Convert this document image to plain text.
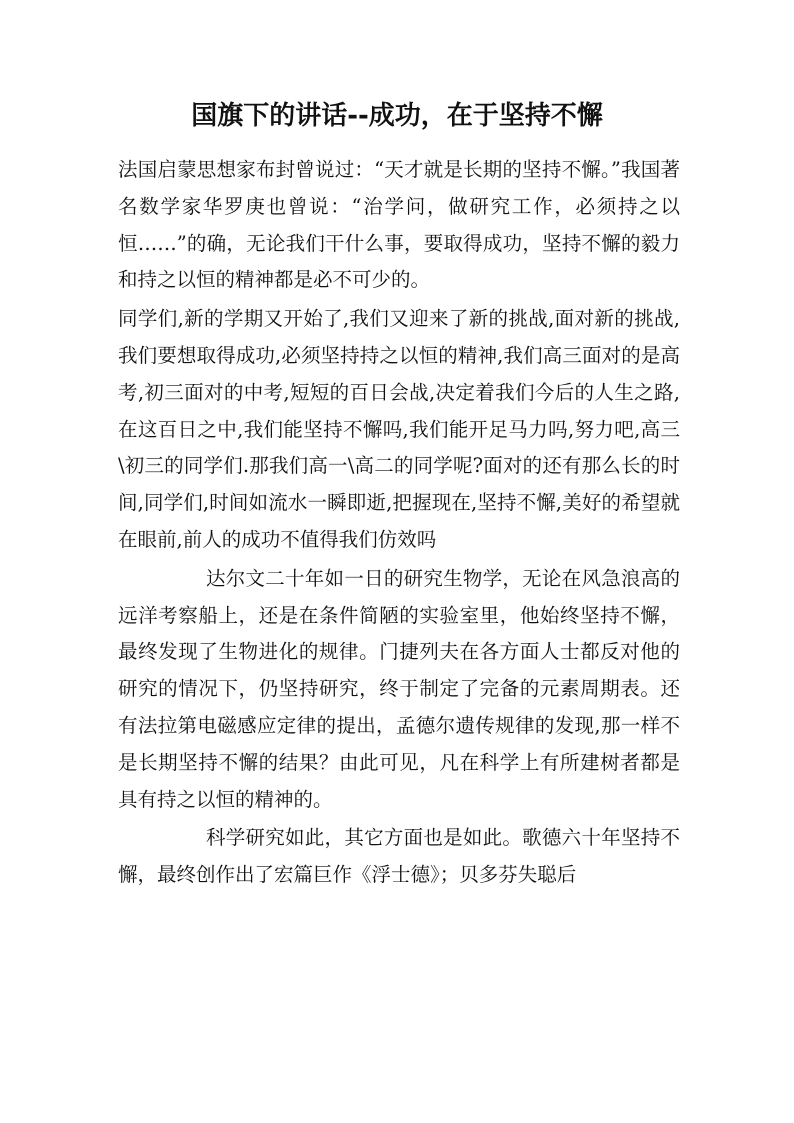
国旗下的讲话--成功，在于坚持不懈

法国启蒙思想家布封曾说过：“天才就是长期的坚持不懈。”我国著名数学家华罗庚也曾说：“治学问，做研究工作，必须持之以恒……”的确，无论我们干什么事，要取得成功，坚持不懈的毅力和持之以恒的精神都是必不可少的。

同学们,新的学期又开始了,我们又迎来了新的挑战,面对新的挑战,我们要想取得成功,必须坚持持之以恒的精神,我们高三面对的是高考,初三面对的中考,短短的百日会战,决定着我们今后的人生之路,在这百日之中,我们能坚持不懈吗,我们能开足马力吗,努力吧,高三\初三的同学们.那我们高一\高二的同学呢?面对的还有那么长的时间,同学们,时间如流水一瞬即逝,把握现在,坚持不懈,美好的希望就在眼前,前人的成功不值得我们仿效吗

达尔文二十年如一日的研究生物学，无论在风急浪高的远洋考察船上，还是在条件简陋的实验室里，他始终坚持不懈，最终发现了生物进化的规律。门捷列夫在各方面人士都反对他的研究的情况下，仍坚持研究，终于制定了完备的元素周期表。还有法拉第电磁感应定律的提出，孟德尔遗传规律的发现,那一样不是长期坚持不懈的结果？由此可见，凡在科学上有所建树者都是具有持之以恒的精神的。

科学研究如此，其它方面也是如此。歌德六十年坚持不懈，最终创作出了宏篇巨作《浮士德》；贝多芬失聪后
